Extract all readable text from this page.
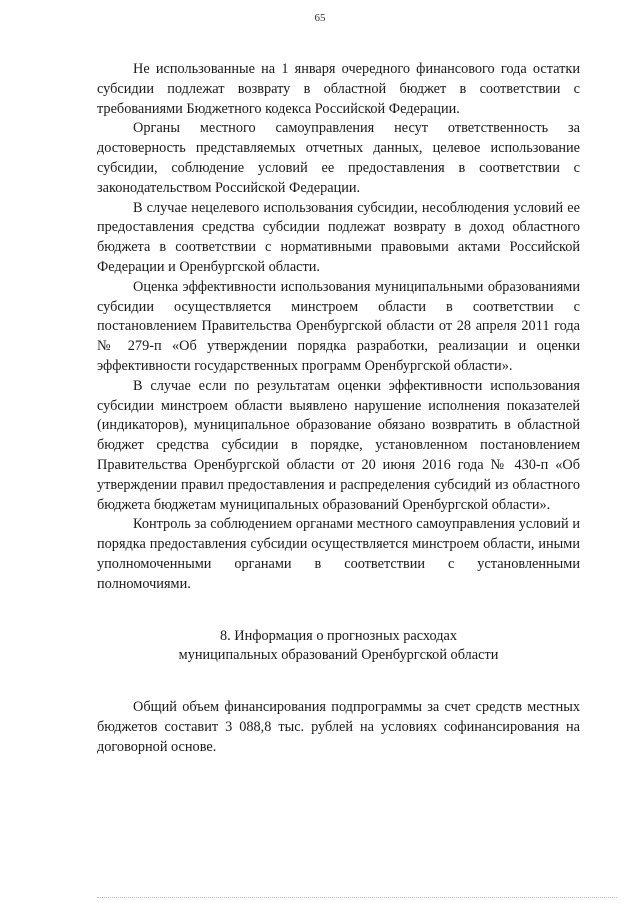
65

Не использованные на 1 января очередного финансового года остатки субсидии подлежат возврату в областной бюджет в соответствии с требованиями Бюджетного кодекса Российской Федерации.

Органы местного самоуправления несут ответственность за достоверность представляемых отчетных данных, целевое использование субсидии, соблюдение условий ее предоставления в соответствии с законодательством Российской Федерации.

В случае нецелевого использования субсидии, несоблюдения условий ее предоставления средства субсидии подлежат возврату в доход областного бюджета в соответствии с нормативными правовыми актами Российской Федерации и Оренбургской области.

Оценка эффективности использования муниципальными образованиями субсидии осуществляется минстроем области в соответствии с постановлением Правительства Оренбургской области от 28 апреля 2011 года № 279-п «Об утверждении порядка разработки, реализации и оценки эффективности государственных программ Оренбургской области».

В случае если по результатам оценки эффективности использования субсидии минстроем области выявлено нарушение исполнения показателей (индикаторов), муниципальное образование обязано возвратить в областной бюджет средства субсидии в порядке, установленном постановлением Правительства Оренбургской области от 20 июня 2016 года № 430-п «Об утверждении правил предоставления и распределения субсидий из областного бюджета бюджетам муниципальных образований Оренбургской области».

Контроль за соблюдением органами местного самоуправления условий и порядка предоставления субсидии осуществляется минстроем области, иными уполномоченными органами в соответствии с установленными полномочиями.

8. Информация о прогнозных расходах
муниципальных образований Оренбургской области

Общий объем финансирования подпрограммы за счет средств местных бюджетов составит 3 088,8 тыс. рублей на условиях софинансирования на договорной основе.
